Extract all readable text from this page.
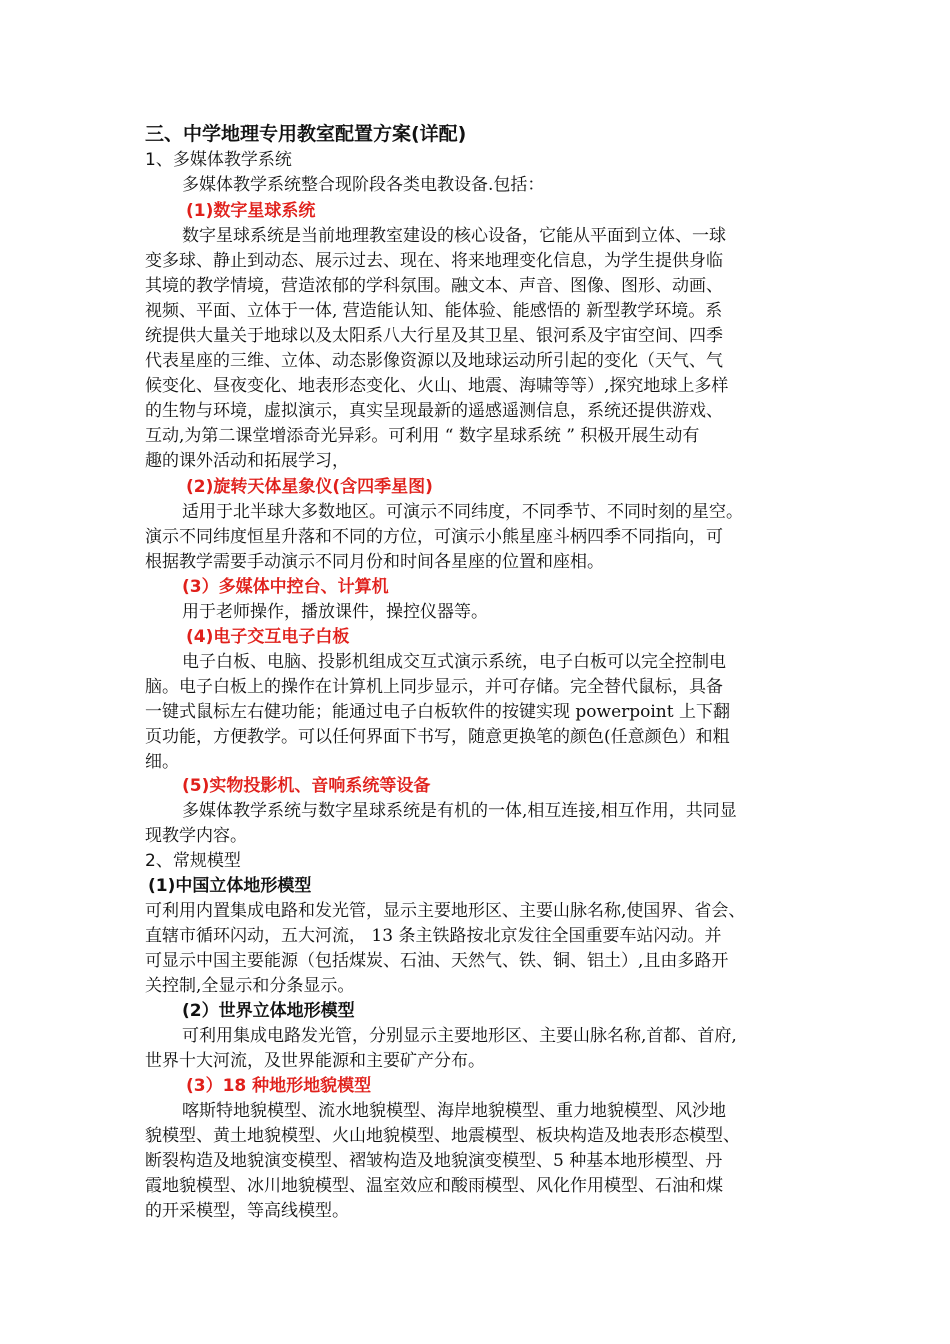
三、中学地理专用教室配置方案(详配)
1、多媒体教学系统
多媒体教学系统整合现阶段各类电教设备.包括：
(1)数字星球系统
数字星球系统是当前地理教室建设的核心设备，它能从平面到立体、一球
变多球、静止到动态、展示过去、现在、将来地理变化信息，为学生提供身临
其境的教学情境，营造浓郁的学科氛围。融文本、声音、图像、图形、动画、
视频、平面、立体于一体, 营造能认知、能体验、能感悟的 新型教学环境。系
统提供大量关于地球以及太阳系八大行星及其卫星、银河系及宇宙空间、四季
代表星座的三维、立体、动态影像资源以及地球运动所引起的变化（天气、气
候变化、昼夜变化、地表形态变化、火山、地震、海啸等等）,探究地球上多样
的生物与环境，虚拟演示，真实呈现最新的遥感遥测信息，系统还提供游戏、
互动,为第二课堂增添奇光异彩。可利用 “ 数字星球系统 ” 积极开展生动有
趣的课外活动和拓展学习，
(2)旋转天体星象仪(含四季星图)
适用于北半球大多数地区。可演示不同纬度，不同季节、不同时刻的星空。
演示不同纬度恒星升落和不同的方位，可演示小熊星座斗柄四季不同指向，可
根据教学需要手动演示不同月份和时间各星座的位置和座相。
(3）多媒体中控台、计算机
用于老师操作，播放课件，操控仪器等。
(4)电子交互电子白板
电子白板、电脑、投影机组成交互式演示系统，电子白板可以完全控制电
脑。电子白板上的操作在计算机上同步显示，并可存储。完全替代鼠标，具备
一键式鼠标左右健功能；能通过电子白板软件的按键实现 powerpoint 上下翻
页功能，方便教学。可以任何界面下书写，随意更换笔的颜色(任意颜色）和粗
细。
(5)实物投影机、音响系统等设备
多媒体教学系统与数字星球系统是有机的一体,相互连接,相互作用，共同显
现教学内容。
2、常规模型
(1)中国立体地形模型
可利用内置集成电路和发光管，显示主要地形区、主要山脉名称,使国界、省会、
直辖市循环闪动，五大河流， 13 条主铁路按北京发往全国重要车站闪动。并
可显示中国主要能源（包括煤炭、石油、天然气、铁、铜、铝土）,且由多路开
关控制,全显示和分条显示。
(2）世界立体地形模型
可利用集成电路发光管，分别显示主要地形区、主要山脉名称,首都、首府,
世界十大河流，及世界能源和主要矿产分布。
(3）18 种地形地貌模型
喀斯特地貌模型、流水地貌模型、海岸地貌模型、重力地貌模型、风沙地
貌模型、黄土地貌模型、火山地貌模型、地震模型、板块构造及地表形态模型、
断裂构造及地貌演变模型、褶皱构造及地貌演变模型、5 种基本地形模型、丹
霞地貌模型、冰川地貌模型、温室效应和酸雨模型、风化作用模型、石油和煤
的开采模型，等高线模型。
